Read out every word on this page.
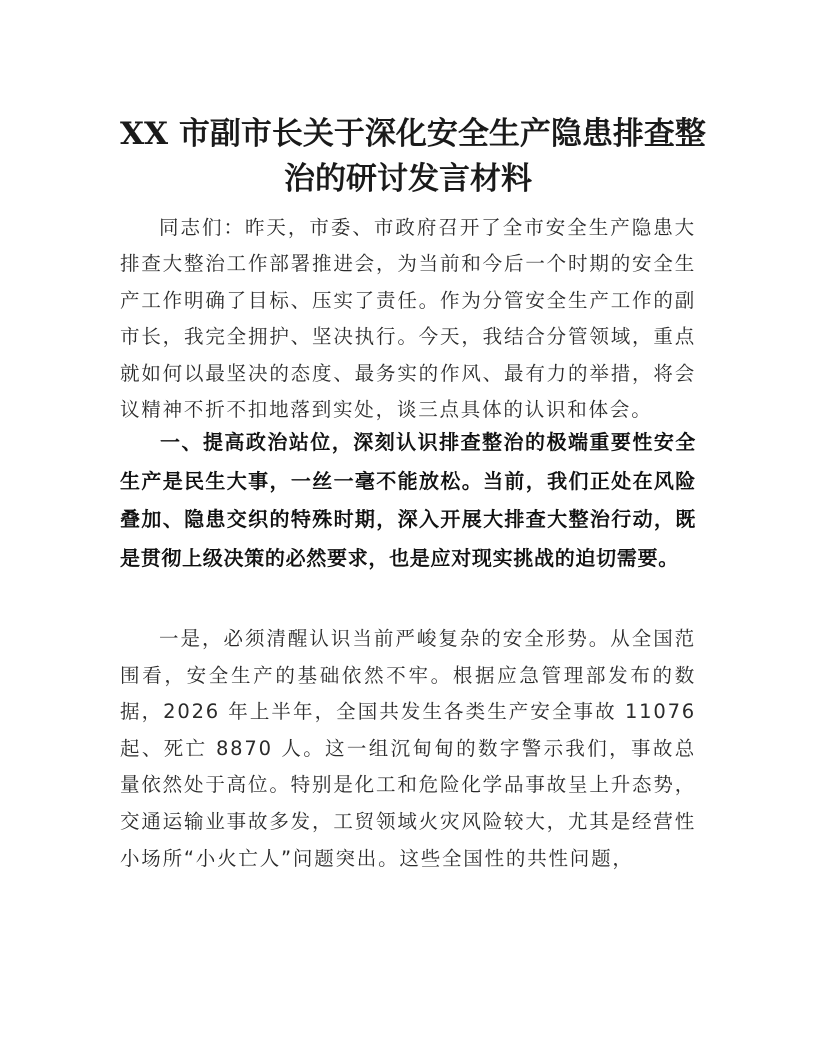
XX 市副市长关于深化安全生产隐患排查整
治的研讨发言材料

同志们：昨天，市委、市政府召开了全市安全生产隐患大排查大整治工作部署推进会，为当前和今后一个时期的安全生产工作明确了目标、压实了责任。作为分管安全生产工作的副市长，我完全拥护、坚决执行。今天，我结合分管领域，重点就如何以最坚决的态度、最务实的作风、最有力的举措，将会议精神不折不扣地落到实处，谈三点具体的认识和体会。

一、提高政治站位，深刻认识排查整治的极端重要性安全生产是民生大事，一丝一毫不能放松。当前，我们正处在风险叠加、隐患交织的特殊时期，深入开展大排查大整治行动，既是贯彻上级决策的必然要求，也是应对现实挑战的迫切需要。

一是，必须清醒认识当前严峻复杂的安全形势。从全国范围看，安全生产的基础依然不牢。根据应急管理部发布的数据，2026 年上半年，全国共发生各类生产安全事故 11076 起、死亡 8870 人。这一组沉甸甸的数字警示我们，事故总量依然处于高位。特别是化工和危险化学品事故呈上升态势，交通运输业事故多发，工贸领域火灾风险较大，尤其是经营性小场所“小火亡人”问题突出。这些全国性的共性问题，
